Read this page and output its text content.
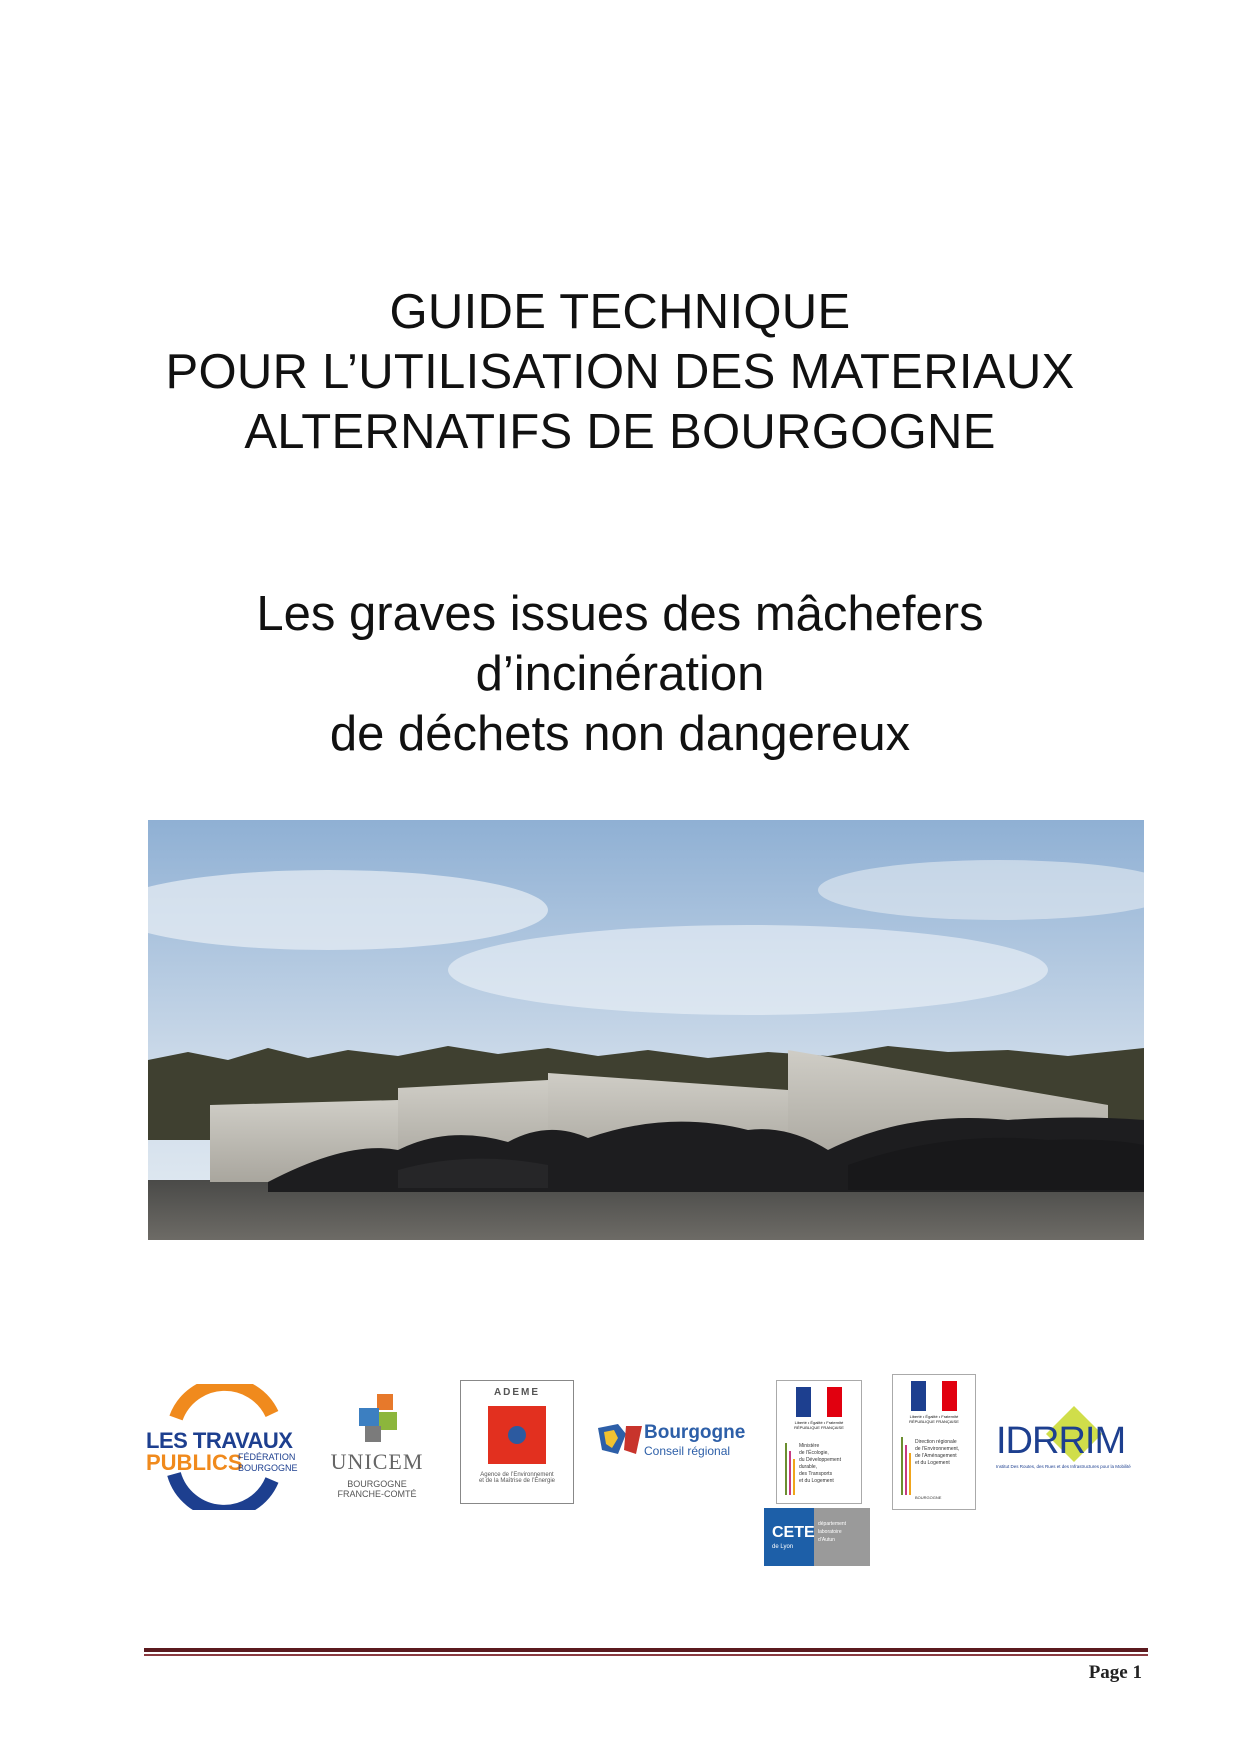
GUIDE TECHNIQUE
POUR L’UTILISATION DES MATERIAUX
ALTERNATIFS DE BOURGOGNE
Les graves issues des mâchefers
d’incinération
de déchets non dangereux
LES TRAVAUX
PUBLICS
FÉDÉRATION
BOURGOGNE	UNICEM
BOURGOGNE
FRANCHE-COMTÉ
ADEME
Agence de l’Environnement
et de la Maîtrise de l’Énergie
Bourgogne
Conseil régional
Liberté • Égalité • Fraternité
RÉPUBLIQUE FRANÇAISE
Ministère
de l’Écologie,
du Développement
durable,
des Transports
et du Logement
Liberté • Égalité • Fraternité
RÉPUBLIQUE FRANÇAISE
Direction régionale
de l’Environnement,
de l’Aménagement
et du Logement
BOURGOGNE
IDRRIM
Institut Des Routes, des Rues et des Infrastructures pour la Mobilité
CETE
de Lyon
département
laboratoire
d’Autun
Page 1
